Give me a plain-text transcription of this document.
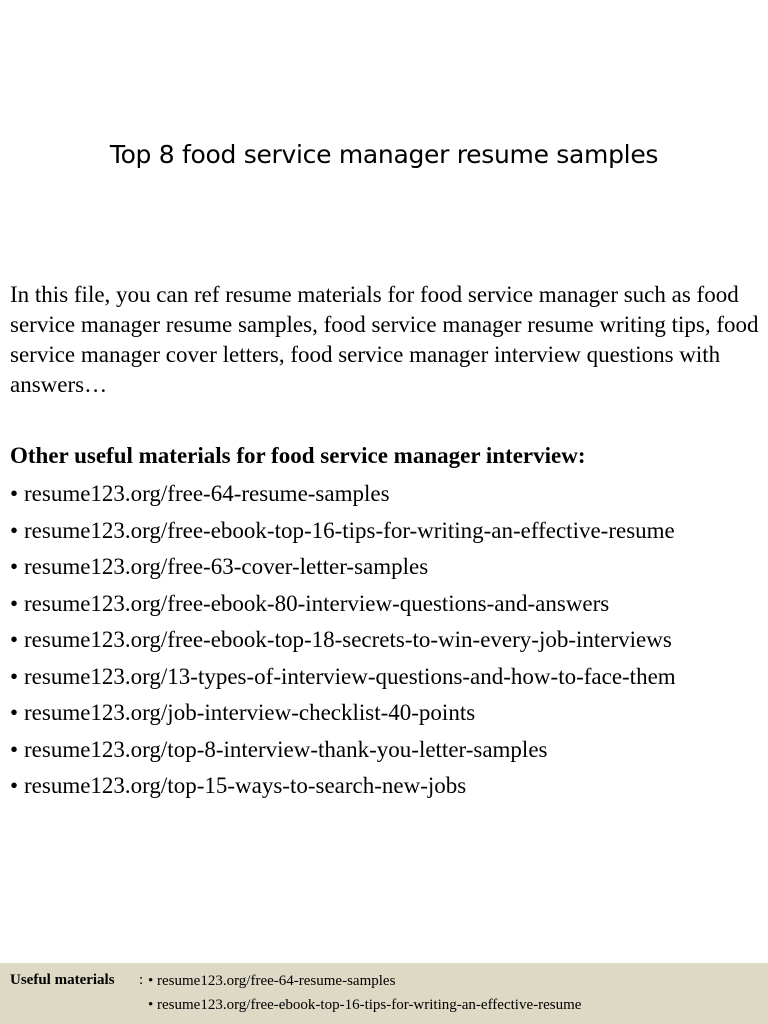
Top 8 food service manager resume samples

In this file, you can ref resume materials for food service manager such as food service manager resume samples, food service manager resume writing tips, food service manager cover letters, food service manager interview questions with answers…

Other useful materials for food service manager interview:

• resume123.org/free-64-resume-samples
• resume123.org/free-ebook-top-16-tips-for-writing-an-effective-resume
• resume123.org/free-63-cover-letter-samples
• resume123.org/free-ebook-80-interview-questions-and-answers
• resume123.org/free-ebook-top-18-secrets-to-win-every-job-interviews
• resume123.org/13-types-of-interview-questions-and-how-to-face-them
• resume123.org/job-interview-checklist-40-points
• resume123.org/top-8-interview-thank-you-letter-samples
• resume123.org/top-15-ways-to-search-new-jobs
Useful materials : • resume123.org/free-64-resume-samples
• resume123.org/free-ebook-top-16-tips-for-writing-an-effective-resume
